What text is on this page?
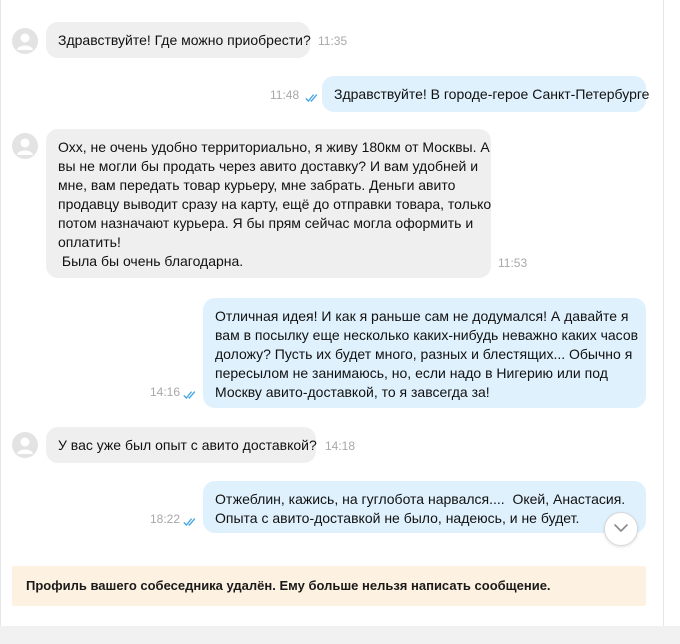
Здравствуйте! Где можно приобрести? 11:35
Здравствуйте! В городе-герое Санкт-Петербурге
11:48
Охх, не очень удобно территориально, я живу 180км от Москвы. А
вы не могли бы продать через авито доставку? И вам удобней и
мне, вам передать товар курьеру, мне забрать. Деньги авито
продавцу выводит сразу на карту, ещё до отправки товара, только
потом назначают курьера. Я бы прям сейчас могла оформить и
оплатить!
Была бы очень благодарна.	11:53
Отличная идея! И как я раньше сам не додумался! А давайте я
вам в посылку еще несколько каких-нибудь неважно каких часов
доложу? Пусть их будет много, разных и блестящих... Обычно я
пересылом не занимаюсь, но, если надо в Нигерию или под
Москву авито-доставкой, то я завсегда за!
14:16
У вас уже был опыт с авито доставкой? 14:18
Отжеблин, кажись, на гуглобота нарвался....  Окей, Анастасия.
Опыта с авито-доставкой не было, надеюсь, и не будет.
18:22
Профиль вашего собеседника удалён. Ему больше нельзя написать сообщение.
